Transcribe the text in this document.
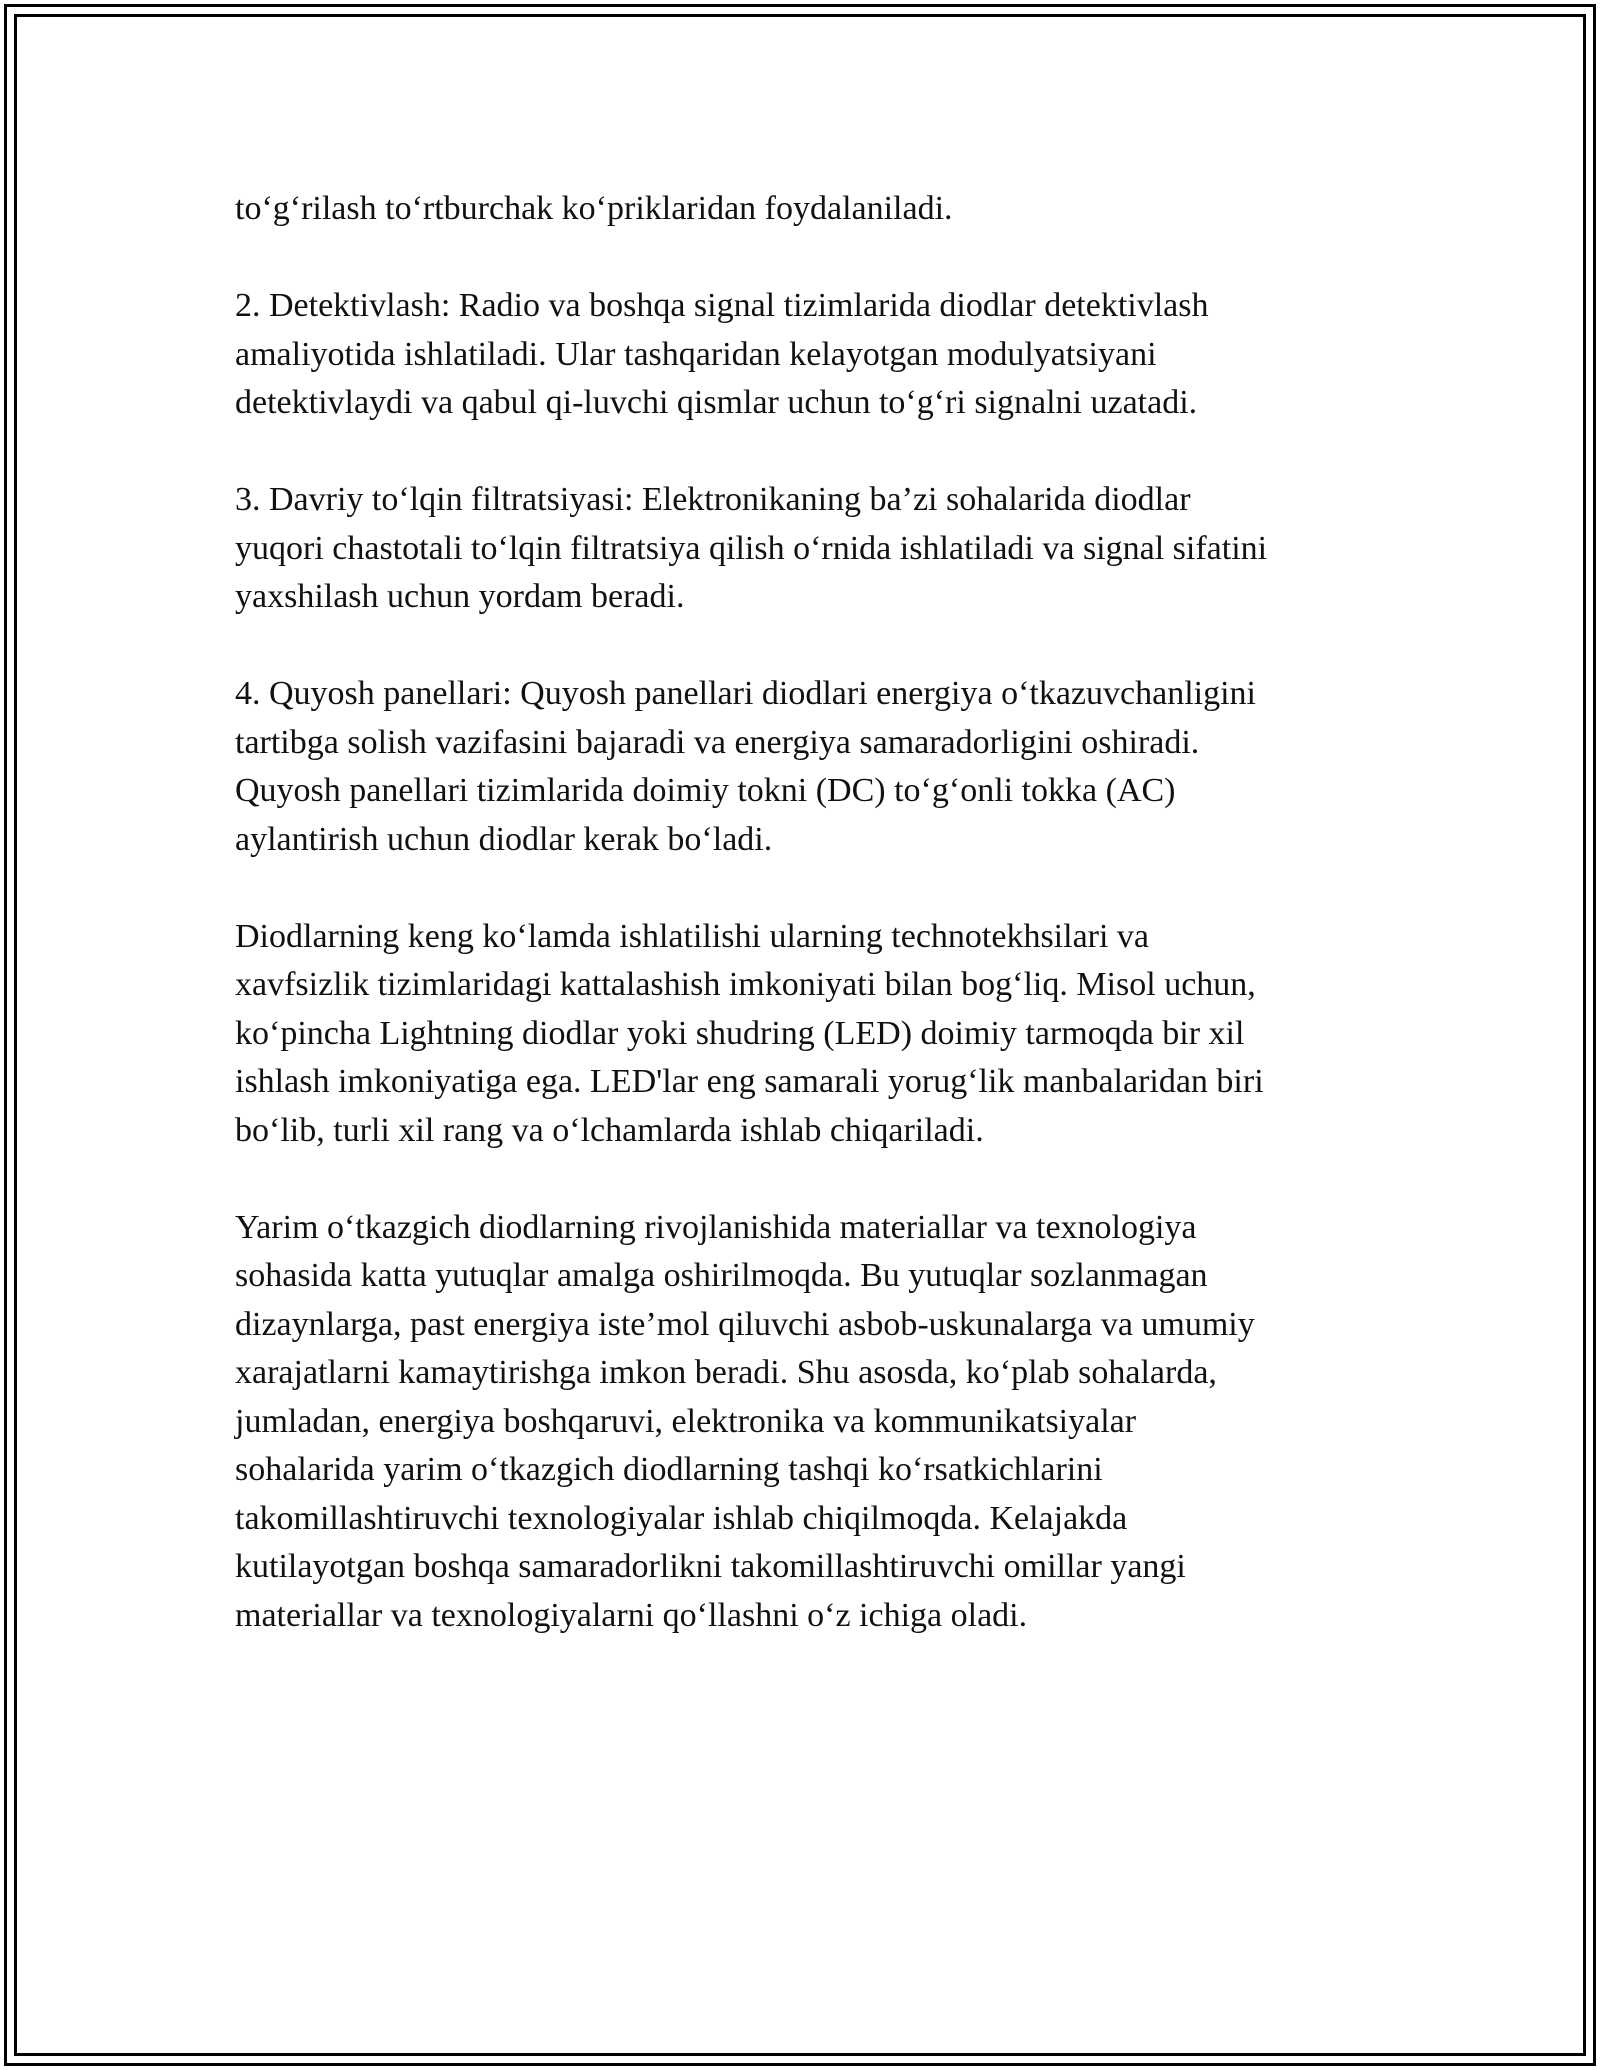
to‘g‘rilash to‘rtburchak ko‘priklaridan foydalaniladi.

2. Detektivlash: Radio va boshqa signal tizimlarida diodlar detektivlash
amaliyotida ishlatiladi. Ular tashqaridan kelayotgan modulyatsiyani
detektivlaydi va qabul qi-luvchi qismlar uchun to‘g‘ri signalni uzatadi.

3. Davriy to‘lqin filtratsiyasi: Elektronikaning ba’zi sohalarida diodlar
yuqori chastotali to‘lqin filtratsiya qilish o‘rnida ishlatiladi va signal sifatini
yaxshilash uchun yordam beradi.

4. Quyosh panellari: Quyosh panellari diodlari energiya o‘tkazuvchanligini
tartibga solish vazifasini bajaradi va energiya samaradorligini oshiradi.
Quyosh panellari tizimlarida doimiy tokni (DC) to‘g‘onli tokka (AC)
aylantirish uchun diodlar kerak bo‘ladi.

Diodlarning keng ko‘lamda ishlatilishi ularning technotekhsilari va
xavfsizlik tizimlaridagi kattalashish imkoniyati bilan bog‘liq. Misol uchun,
ko‘pincha Lightning diodlar yoki shudring (LED) doimiy tarmoqda bir xil
ishlash imkoniyatiga ega. LED'lar eng samarali yorug‘lik manbalaridan biri
bo‘lib, turli xil rang va o‘lchamlarda ishlab chiqariladi.

Yarim o‘tkazgich diodlarning rivojlanishida materiallar va texnologiya
sohasida katta yutuqlar amalga oshirilmoqda. Bu yutuqlar sozlanmagan
dizaynlarga, past energiya iste’mol qiluvchi asbob-uskunalarga va umumiy
xarajatlarni kamaytirishga imkon beradi. Shu asosda, ko‘plab sohalarda,
jumladan, energiya boshqaruvi, elektronika va kommunikatsiyalar
sohalarida yarim o‘tkazgich diodlarning tashqi ko‘rsatkichlarini
takomillashtiruvchi texnologiyalar ishlab chiqilmoqda. Kelajakda
kutilayotgan boshqa samaradorlikni takomillashtiruvchi omillar yangi
materiallar va texnologiyalarni qo‘llashni o‘z ichiga oladi.
